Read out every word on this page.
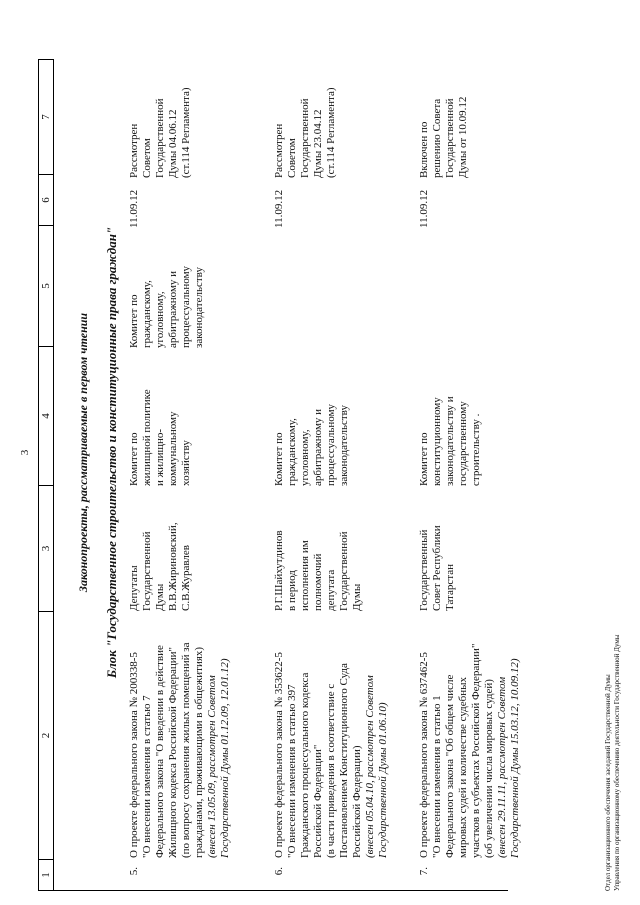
3
1
2
3
4
5
6
7
Законопроекты, рассматриваемые в первом чтении Блок "Государственное строительство и конституционные права граждан"
5.
О проекте федерального закона № 200338-5 "О внесении изменения в статью 7 Федерального закона "О введении в действие Жилищного кодекса Российской Федерации" (по вопросу сохранения жилых помещений за гражданами, проживающими в общежитиях) (внесен 13.05.09, рассмотрен Советом Государственной Думы 01.12.09, 12.01.12)
Депутаты Государственной Думы В.В.Жириновский, С.В.Журавлев
Комитет по жилищной политике и жилищно- коммунальному хозяйству
Комитет по гражданскому, уголовному, арбитражному и процессуальному законодательству
11.09.12
Рассмотрен Советом Государственной Думы 04.06.12 (ст.114 Регламента)
6.
О проекте федерального закона № 353622-5 "О внесении изменения в статью 397 Гражданского процессуального кодекса Российской Федерации" (в части приведения в соответствие с Постановлением Конституционного Суда Российской Федерации) (внесен 05.04.10, рассмотрен Советом Государственной Думы 01.06.10)
Р.Г.Шайхутдинов в период исполнения им полномочий депутата Государственной Думы
Комитет по гражданскому, уголовному, арбитражному и процессуальному законодательству
11.09.12
Рассмотрен Советом Государственной Думы 23.04.12 (ст.114 Регламента)
7.
О проекте федерального закона № 637462-5 "О внесении изменения в статью 1 Федерального закона "Об общем числе мировых судей и количестве судебных участков в субъектах Российской Федерации" (об увеличении числа мировых судей) (внесен 29.11.11, рассмотрен Советом Государственной Думы 15.03.12, 10.09.12)
Государственный Совет Республики Татарстан
Комитет по конституционному законодательству и государственному строительству .
11.09.12
Включен по решению Совета Государственной Думы от 10.09.12
Отдел организационного обеспечения заседаний Государственной Думы Управления по организационному обеспечению деятельности Государственной Думы
